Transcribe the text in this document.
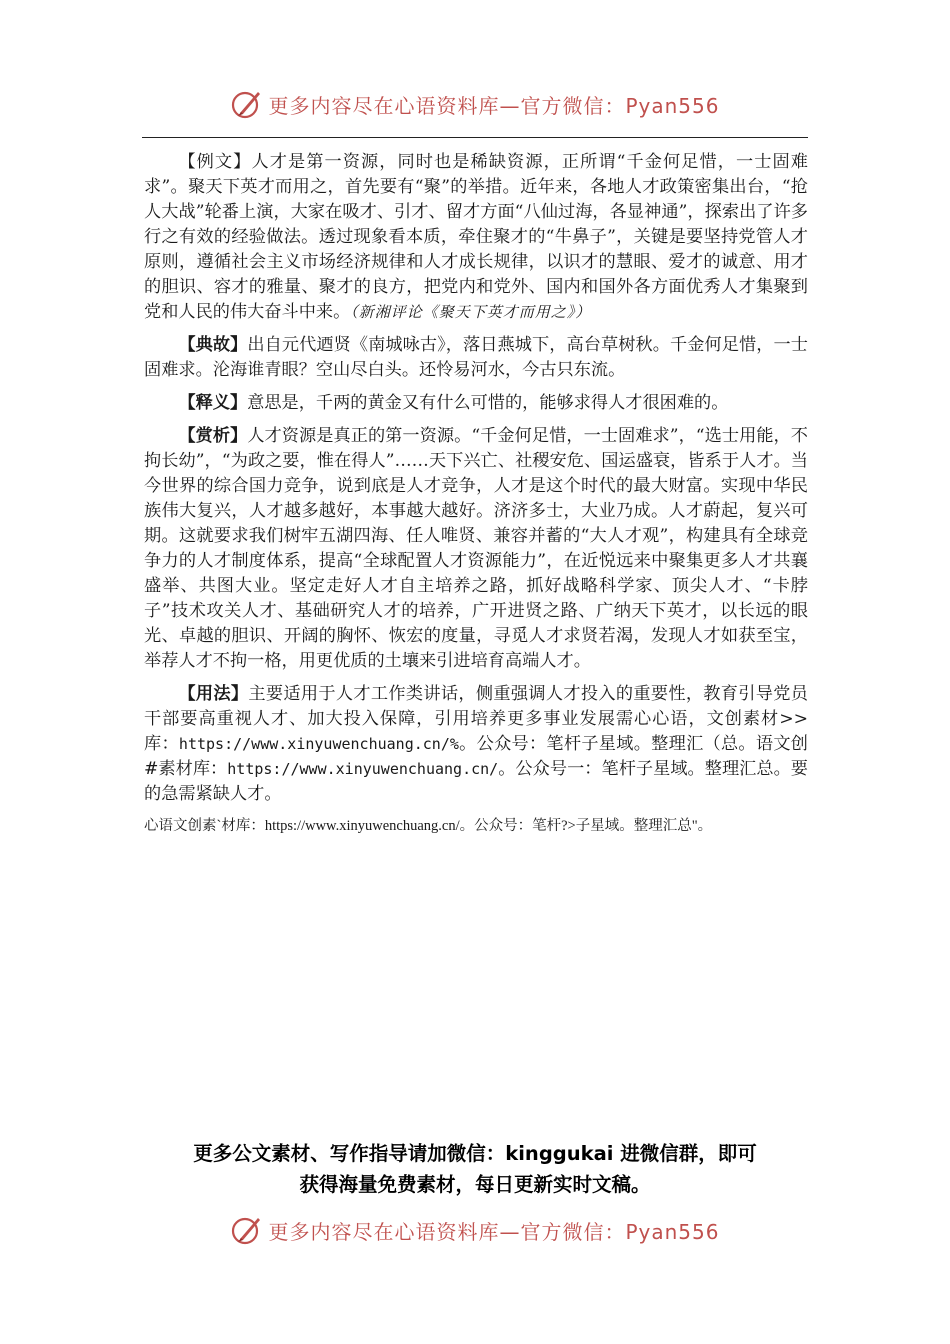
更多内容尽在心语资料库—官方微信：Pyan556

【例文】人才是第一资源，同时也是稀缺资源，正所谓“千金何足惜，一士固难求”。聚天下英才而用之，首先要有“聚”的举措。近年来，各地人才政策密集出台，“抢人大战”轮番上演，大家在吸才、引才、留才方面“八仙过海，各显神通”，探索出了许多行之有效的经验做法。透过现象看本质，牵住聚才的“牛鼻子”，关键是要坚持党管人才原则，遵循社会主义市场经济规律和人才成长规律，以识才的慧眼、爱才的诚意、用才的胆识、容才的雅量、聚才的良方，把党内和党外、国内和国外各方面优秀人才集聚到党和人民的伟大奋斗中来。（新湘评论《聚天下英才而用之》）

【典故】出自元代迺贤《南城咏古》，落日燕城下，高台草树秋。千金何足惜，一士固难求。沦海谁青眼？空山尽白头。还怜易河水，今古只东流。

【释义】意思是，千两的黄金又有什么可惜的，能够求得人才很困难的。

【赏析】人才资源是真正的第一资源。“千金何足惜，一士固难求”，“选士用能，不拘长幼”，“为政之要，惟在得人”……天下兴亡、社稷安危、国运盛衰，皆系于人才。当今世界的综合国力竞争，说到底是人才竞争，人才是这个时代的最大财富。实现中华民族伟大复兴，人才越多越好，本事越大越好。济济多士，大业乃成。人才蔚起，复兴可期。这就要求我们树牢五湖四海、任人唯贤、兼容并蓄的“大人才观”，构建具有全球竞争力的人才制度体系，提高“全球配置人才资源能力”，在近悦远来中聚集更多人才共襄盛举、共图大业。坚定走好人才自主培养之路，抓好战略科学家、顶尖人才、“卡脖子”技术攻关人才、基础研究人才的培养，广开进贤之路、广纳天下英才，以长远的眼光、卓越的胆识、开阔的胸怀、恢宏的度量，寻觅人才求贤若渴，发现人才如获至宝，举荐人才不拘一格，用更优质的土壤来引进培育高端人才。

【用法】主要适用于人才工作类讲话，侧重强调人才投入的重要性，教育引导党员干部要高重视人才、加大投入保障，引用培养更多事业发展需心心语，文创素材>>库：https://www.xinyuwenchuang.cn/%。公众号：笔杆子星域。整理汇（总。语文创#素材库：https://www.xinyuwenchuang.cn/。公众号一：笔杆子星域。整理汇总。要的急需紧缺人才。

心语文创素`材库：https://www.xinyuwenchuang.cn/。公众号：笔杆?>子星域。整理汇总"。

更多公文素材、写作指导请加微信：kinggukai 进微信群，即可
获得海量免费素材，每日更新实时文稿。
更多内容尽在心语资料库—官方微信：Pyan556
